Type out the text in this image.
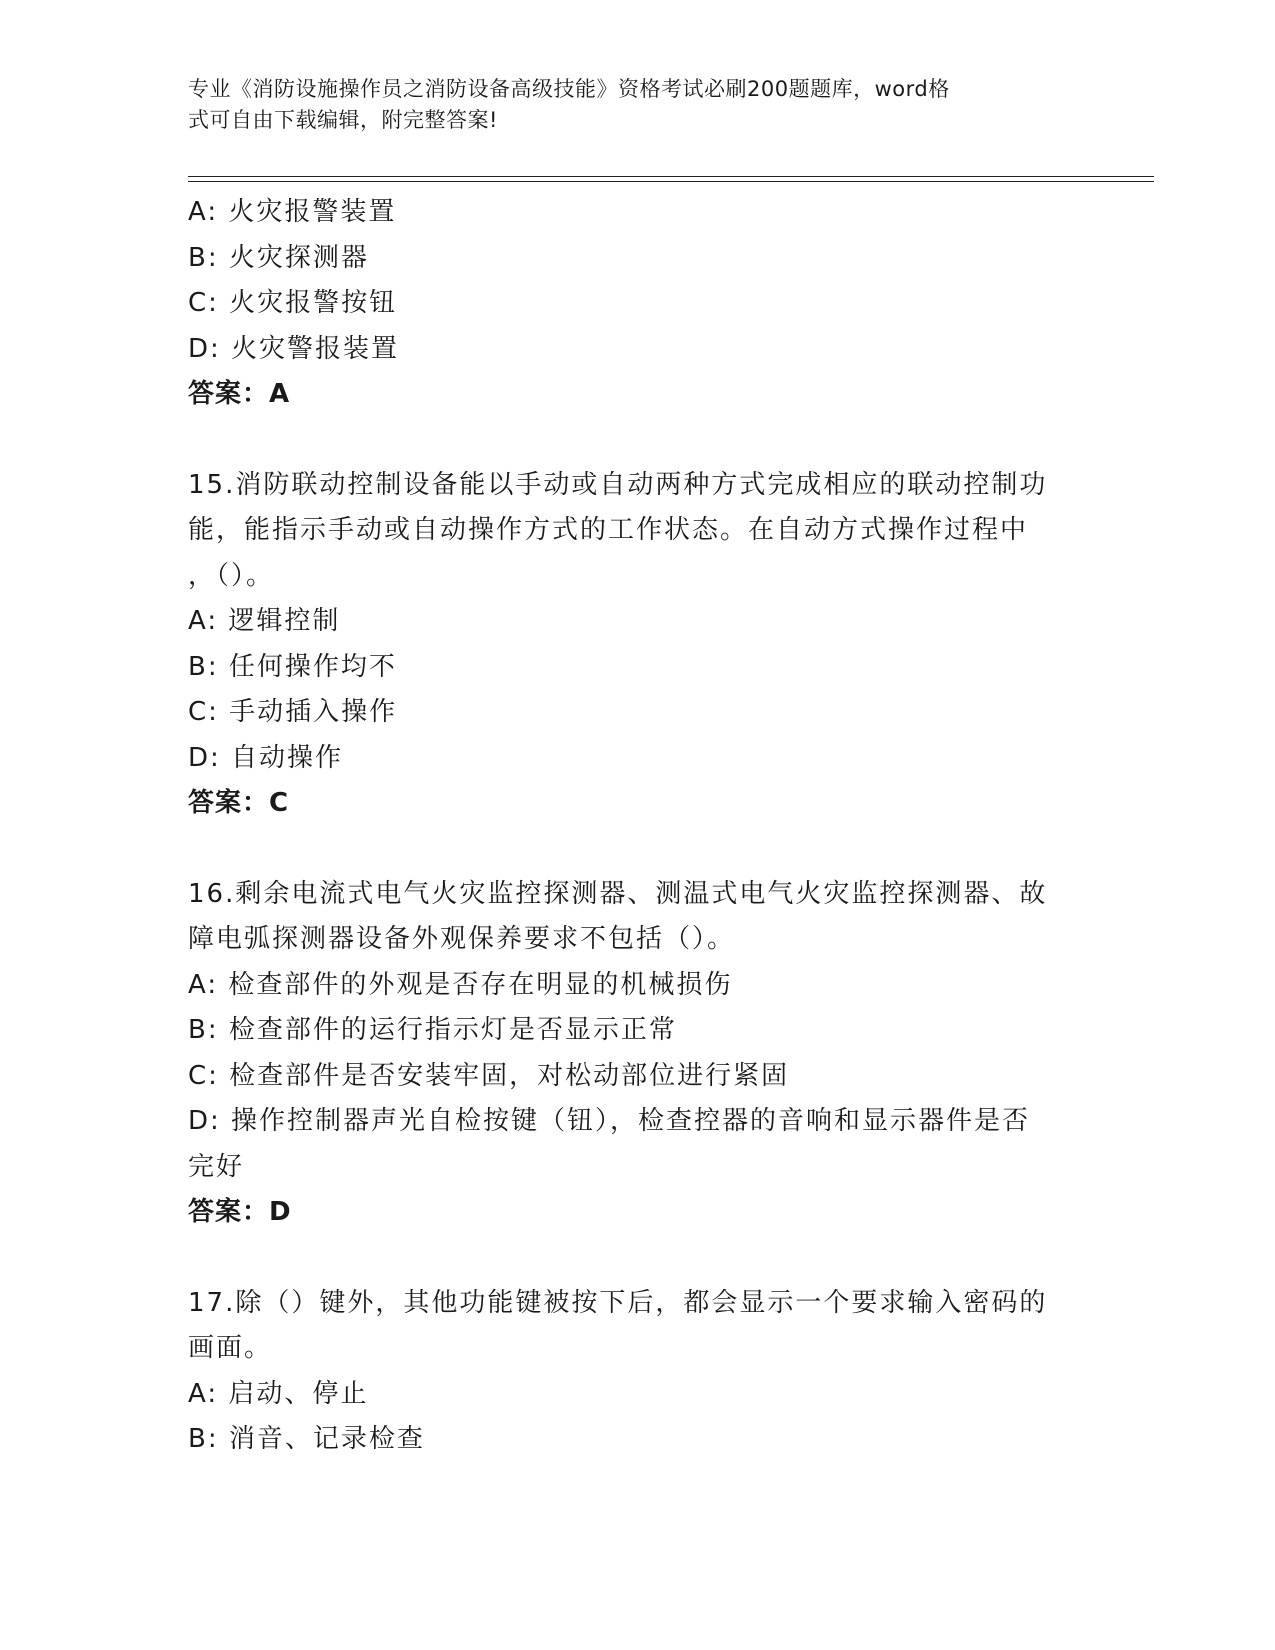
专业《消防设施操作员之消防设备高级技能》资格考试必刷200题题库，word格
式可自由下载编辑，附完整答案!
A: 火灾报警装置
B: 火灾探测器
C: 火灾报警按钮
D: 火灾警报装置
答案：A
15.消防联动控制设备能以手动或自动两种方式完成相应的联动控制功
能，能指示手动或自动操作方式的工作状态。在自动方式操作过程中
，（）。
A: 逻辑控制
B: 任何操作均不
C: 手动插入操作
D: 自动操作
答案：C
16.剩余电流式电气火灾监控探测器、测温式电气火灾监控探测器、故
障电弧探测器设备外观保养要求不包括（）。
A: 检查部件的外观是否存在明显的机械损伤
B: 检查部件的运行指示灯是否显示正常
C: 检查部件是否安装牢固，对松动部位进行紧固
D: 操作控制器声光自检按键（钮），检查控器的音响和显示器件是否
完好
答案：D
17.除（）键外，其他功能键被按下后，都会显示一个要求输入密码的
画面。
A: 启动、停止
B: 消音、记录检查
